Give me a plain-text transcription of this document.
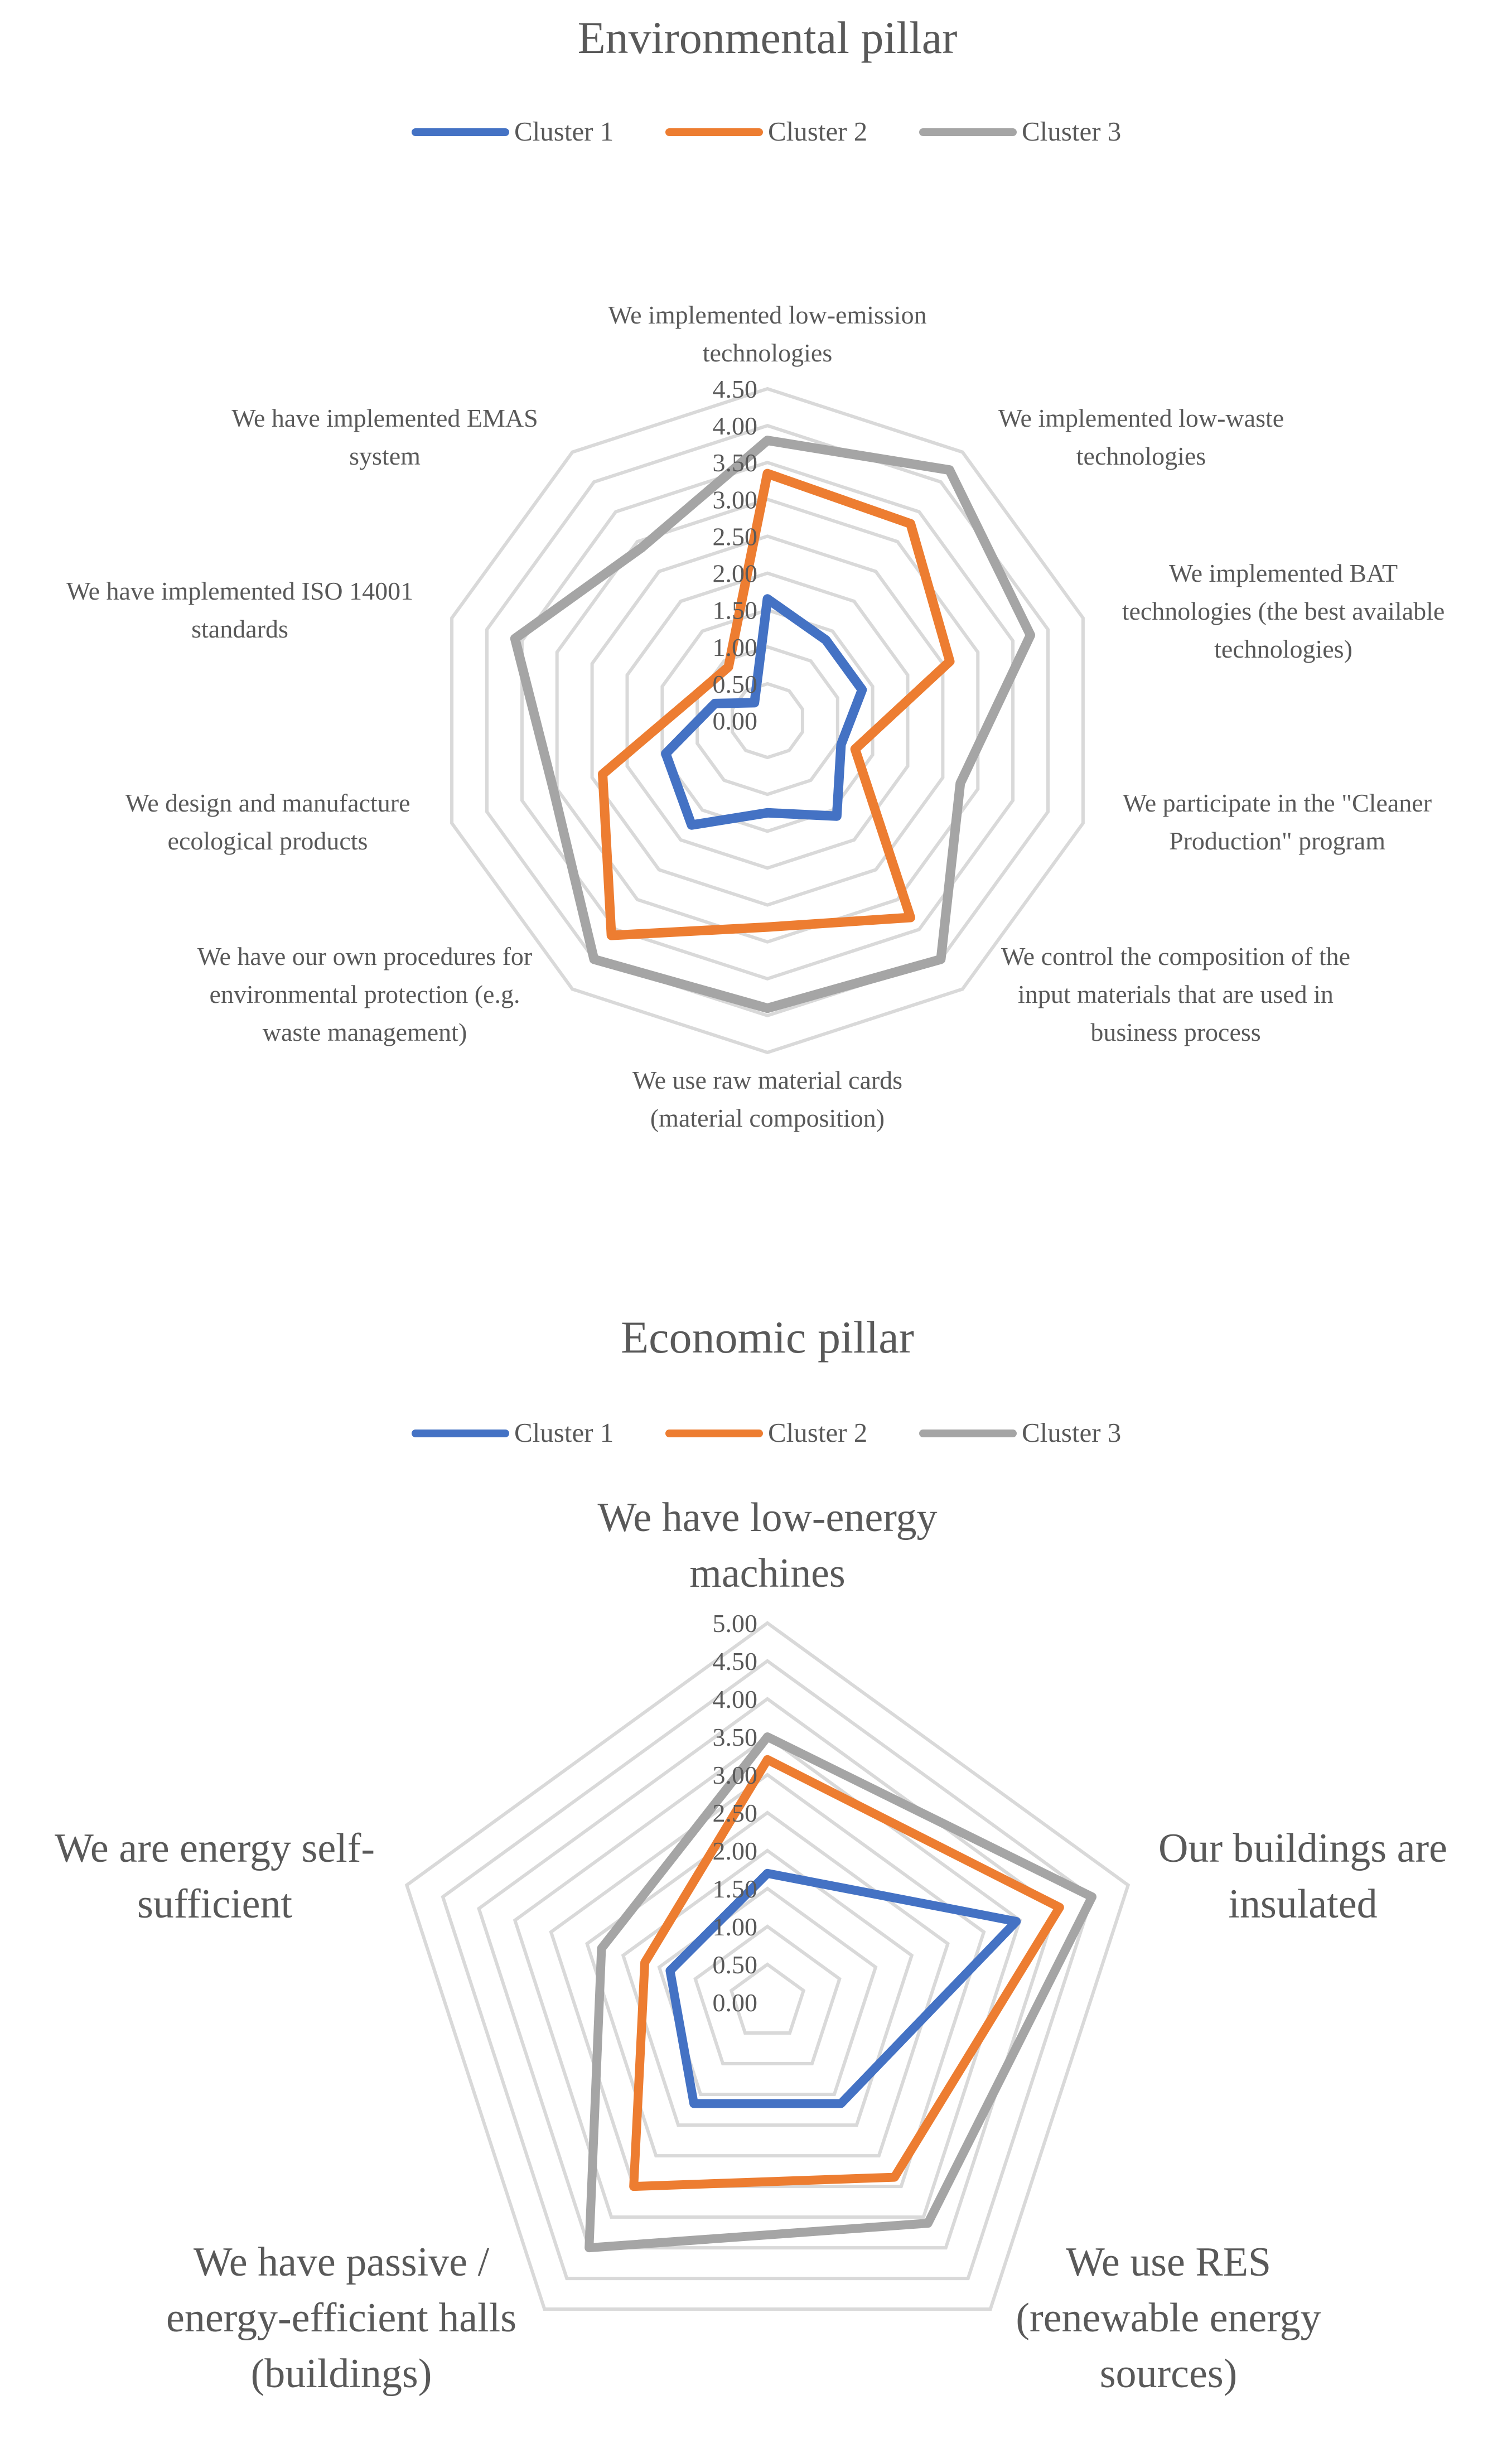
Environmental pillar
Cluster 1	Cluster 2	Cluster 3
0.00
0.50
1.00
1.50
2.00
2.50
3.00
3.50
4.00
4.50
We implemented low-emission technologies
We implemented low-waste technologies
We implemented BAT technologies (the best available technologies)
We participate in the "Cleaner Production" program
We control the composition of the input materials that are used in business process
We use raw material cards (material composition)
We have our own procedures for environmental protection (e.g. waste management)
We design and manufacture ecological products
We have implemented ISO 14001 standards
We have implemented EMAS system
Economic pillar
Cluster 1	Cluster 2	Cluster 3
0.00
0.50
1.00
1.50
2.00
2.50
3.00
3.50
4.00
4.50
5.00
We have low-energy machines
Our buildings are insulated
We use RES (renewable energy sources)
We have passive / energy-efficient halls (buildings)
We are energy self-sufficient
